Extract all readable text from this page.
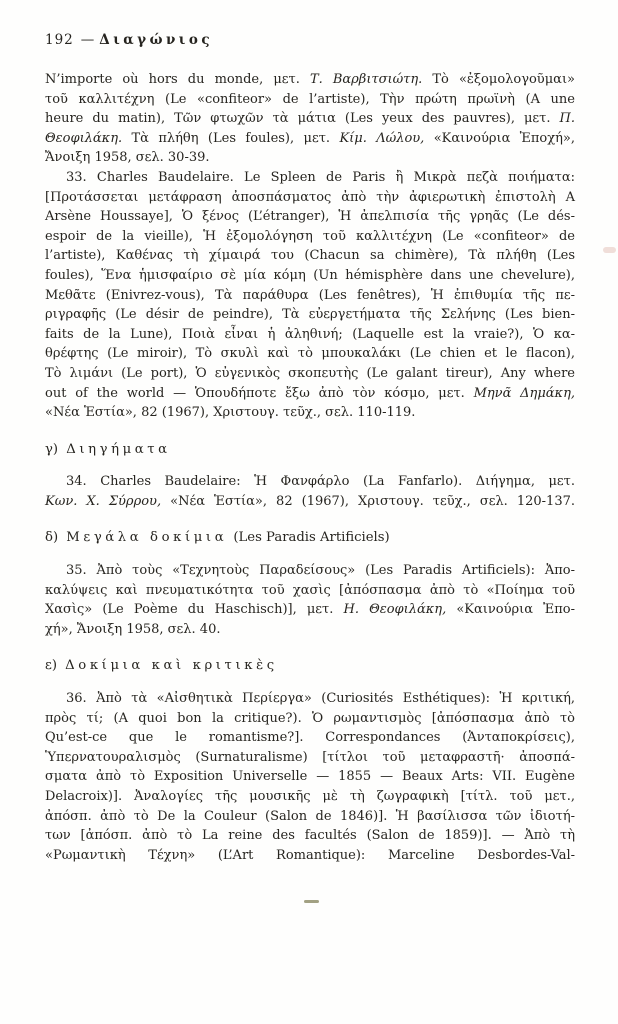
192 — Διαγώνιος
N’importe où hors du monde, μετ. Τ. Βαρβιτσιώτη. Τὸ «ἐξομολογοῦμαι»
τοῦ καλλιτέχνη (Le «confiteor» de l’artiste), Τὴν πρώτη πρωϊνὴ (A une
heure du matin), Τῶν φτωχῶν τὰ μάτια (Les yeux des pauvres), μετ. Π.
Θεοφιλάκη. Τὰ πλήθη (Les foules), μετ. Κίμ. Λώλου, «Καινούρια Ἐποχή»,
Ἄνοιξη 1958, σελ. 30-39.
33. Charles Baudelaire. Le Spleen de Paris ἢ Μικρὰ πεζὰ ποιήματα:
[Προτάσσεται μετάφραση ἀποσπάσματος ἀπὸ τὴν ἀφιερωτικὴ ἐπιστολὴ A
Arsène Houssaye], Ὁ ξένος (L’étranger), Ἡ ἀπελπισία τῆς γρηᾶς (Le dés-
espoir de la vieille), Ἡ ἐξομολόγηση τοῦ καλλιτέχνη (Le «confiteor» de
l’artiste), Καθένας τὴ χίμαιρά του (Chacun sa chimère), Τὰ πλήθη (Les
foules), Ἕνα ἡμισφαίριο σὲ μία κόμη (Un hémisphère dans une chevelure),
Μεθᾶτε (Enivrez-vous), Τὰ παράθυρα (Les fenêtres), Ἡ ἐπιθυμία τῆς πε-
ριγραφῆς (Le désir de peindre), Τὰ εὐεργετήματα τῆς Σελήνης (Les bien-
faits de la Lune), Ποιὰ εἶναι ἡ ἀληθινή; (Laquelle est la vraie?), Ὁ κα-
θρέφτης (Le miroir), Τὸ σκυλὶ καὶ τὸ μπουκαλάκι (Le chien et le flacon),
Τὸ λιμάνι (Le port), Ὁ εὐγενικὸς σκοπευτὴς (Le galant tireur), Any where
out of the world — Ὁπουδήποτε ἔξω ἀπὸ τὸν κόσμο, μετ. Μηνᾶ Δημάκη,
«Νέα Ἑστία», 82 (1967), Χριστουγ. τεῦχ., σελ. 110-119.
γ) Διηγήματα
34. Charles Baudelaire: Ἡ Φανφάρλο (La Fanfarlo). Διήγημα, μετ.
Κων. Χ. Σύρρου, «Νέα Ἑστία», 82 (1967), Χριστουγ. τεῦχ., σελ. 120-137.
δ) Μεγάλα δοκίμια (Les Paradis Artificiels)
35. Ἀπὸ τοὺς «Τεχνητοὺς Παραδείσους» (Les Paradis Artificiels): Ἀπο-
καλύψεις καὶ πνευματικότητα τοῦ χασὶς [ἀπόσπασμα ἀπὸ τὸ «Ποίημα τοῦ
Χασὶς» (Le Poème du Haschisch)], μετ. Η. Θεοφιλάκη, «Καινούρια Ἐπο-
χή», Ἄνοιξη 1958, σελ. 40.
ε) Δοκίμια καὶ κριτικὲς
36. Ἀπὸ τὰ «Αἰσθητικὰ Περίεργα» (Curiosités Esthétiques): Ἡ κριτική,
πρὸς τί; (A quoi bon la critique?). Ὁ ρωμαντισμὸς [ἀπόσπασμα ἀπὸ τὸ
Qu’est-ce que le romantisme?]. Correspondances (Ἀνταποκρίσεις),
Ὑπερνατουραλισμὸς (Surnaturalisme) [τίτλοι τοῦ μεταφραστῆ· ἀποσπά-
σματα ἀπὸ τὸ Exposition Universelle — 1855 — Beaux Arts: VII. Eugène
Delacroix)]. Ἀναλογίες τῆς μουσικῆς μὲ τὴ ζωγραφικὴ [τίτλ. τοῦ μετ.,
ἀπόσπ. ἀπὸ τὸ De la Couleur (Salon de 1846)]. Ἡ βασίλισσα τῶν ἰδιοτή-
των [ἀπόσπ. ἀπὸ τὸ La reine des facultés (Salon de 1859)]. — Ἀπὸ τὴ
«Ρωμαντικὴ Τέχνη» (L’Art Romantique): Marceline Desbordes-Val-
